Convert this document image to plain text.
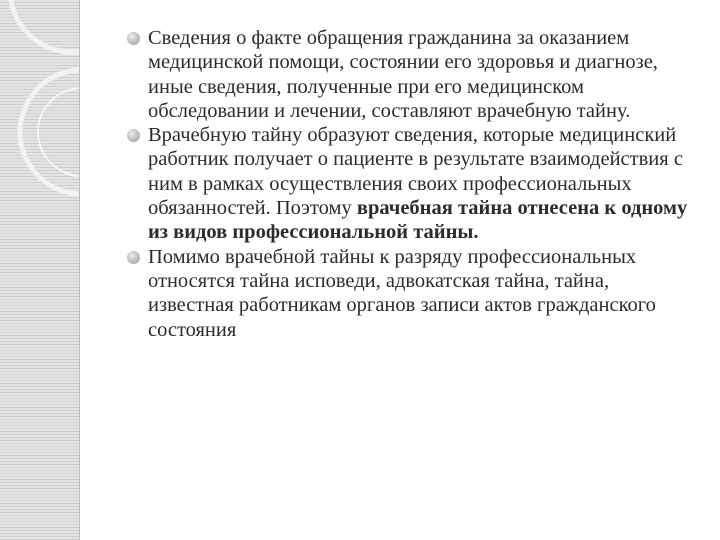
Сведения о факте обращения гражданина за оказанием медицинской помощи, состоянии его здоровья и диагнозе, иные сведения, полученные при его медицинском обследовании и лечении, составляют врачебную тайну.
Врачебную тайну образуют сведения, которые медицинский работник получает о пациенте в результате взаимодействия с ним в рамках осуществления своих профессиональных обязанностей. Поэтому врачебная тайна отнесена к одному из видов профессиональной тайны.
Помимо врачебной тайны к разряду профессиональных относятся тайна исповеди, адвокатская тайна, тайна, известная работникам органов записи актов гражданского состояния
